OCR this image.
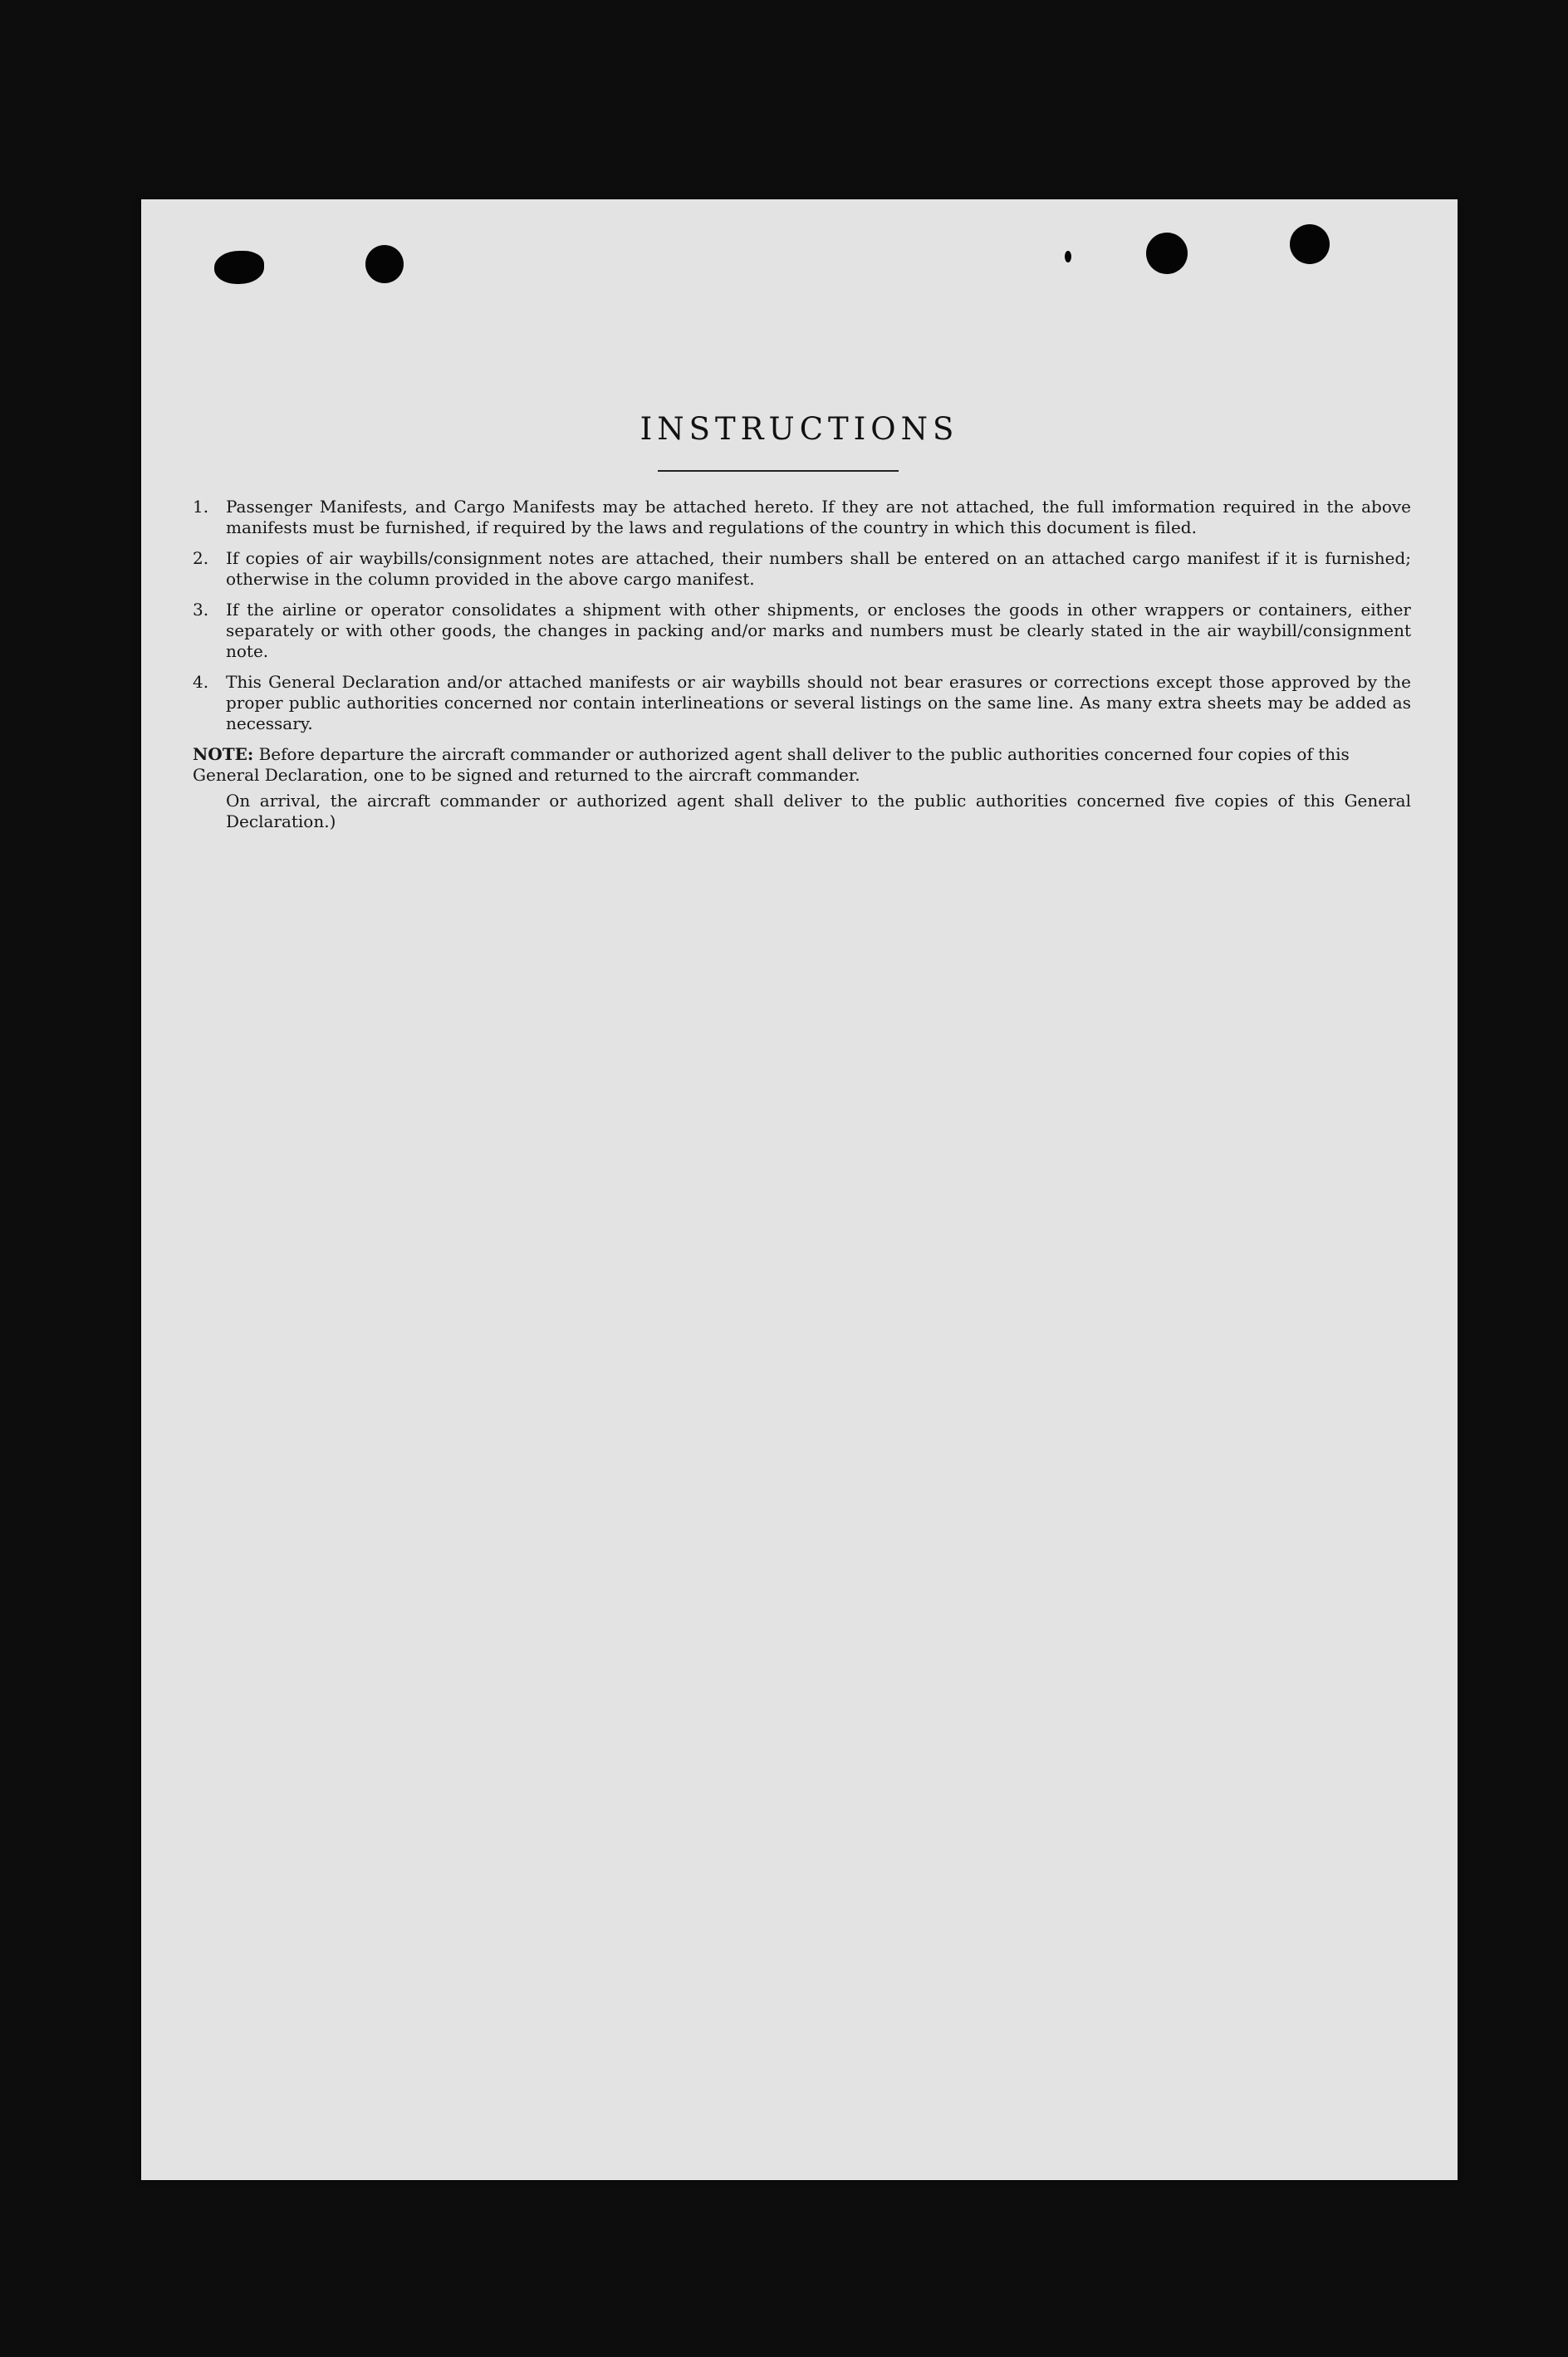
INSTRUCTIONS
1.	Passenger Manifests, and Cargo Manifests may be attached hereto. If they are not attached, the full imformation required in the above manifests must be furnished, if required by the laws and regulations of the country in which this document is filed.
2.	If copies of air waybills/consignment notes are attached, their numbers shall be entered on an attached cargo manifest if it is furnished; otherwise in the column provided in the above cargo manifest.
3.	If the airline or operator consolidates a shipment with other shipments, or encloses the goods in other wrappers or containers, either separately or with other goods, the changes in packing and/or marks and numbers must be clearly stated in the air waybill/consignment note.
4.	This General Declaration and/or attached manifests or air waybills should not bear erasures or corrections except those approved by the proper public authorities concerned nor contain interlineations or several listings on the same line. As many extra sheets may be added as necessary.
NOTE: Before departure the aircraft commander or authorized agent shall deliver to the public authorities concerned four copies of this General Declaration, one to be signed and returned to the aircraft commander.
On arrival, the aircraft commander or authorized agent shall deliver to the public authorities concerned five copies of this General Declaration.)
